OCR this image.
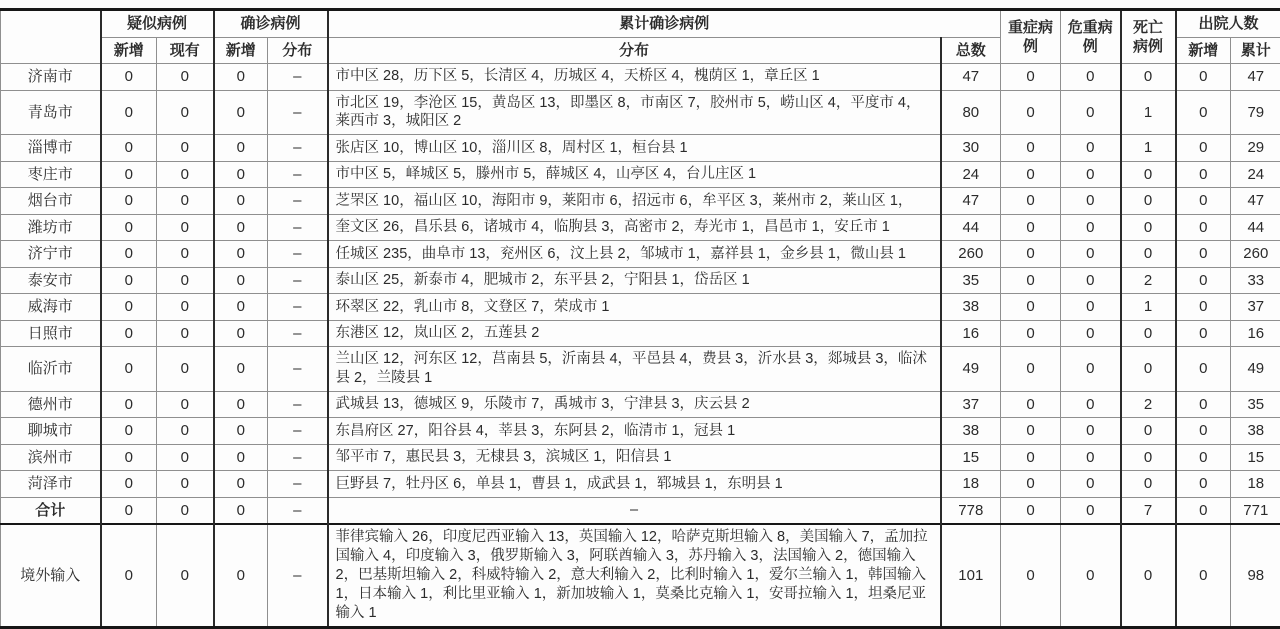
	疑似病例		确诊病例		累计确诊病例		重症病例	危重病例	死亡病例	出院人数	
	新增	现有	新增	分布	分布	总数				新增	累计
济南市	0	0	0	–	市中区 28，历下区 5，长清区 4，历城区 4，天桥区 4，槐荫区 1，章丘区 1	47	0	0	0	0	47
青岛市	0	0	0	–	市北区 19，李沧区 15，黄岛区 13，即墨区 8，市南区 7，胶州市 5，崂山区 4，平度市 4，莱西市 3，城阳区 2	80	0	0	1	0	79
淄博市	0	0	0	–	张店区 10，博山区 10，淄川区 8，周村区 1，桓台县 1	30	0	0	1	0	29
枣庄市	0	0	0	–	市中区 5，峄城区 5，滕州市 5，薛城区 4，山亭区 4，台儿庄区 1	24	0	0	0	0	24
烟台市	0	0	0	–	芝罘区 10，福山区 10，海阳市 9，莱阳市 6，招远市 6，牟平区 3，莱州市 2，莱山区 1，	47	0	0	0	0	47
潍坊市	0	0	0	–	奎文区 26，昌乐县 6，诸城市 4，临朐县 3，高密市 2，寿光市 1，昌邑市 1，安丘市 1	44	0	0	0	0	44
济宁市	0	0	0	–	任城区 235，曲阜市 13，兖州区 6，汶上县 2，邹城市 1，嘉祥县 1，金乡县 1，微山县 1	260	0	0	0	0	260
泰安市	0	0	0	–	泰山区 25，新泰市 4，肥城市 2，东平县 2，宁阳县 1，岱岳区 1	35	0	0	2	0	33
威海市	0	0	0	–	环翠区 22，乳山市 8，文登区 7，荣成市 1	38	0	0	1	0	37
日照市	0	0	0	–	东港区 12，岚山区 2，五莲县 2	16	0	0	0	0	16
临沂市	0	0	0	–	兰山区 12，河东区 12，莒南县 5，沂南县 4，平邑县 4，费县 3，沂水县 3，郯城县 3，临沭县 2，兰陵县 1	49	0	0	0	0	49
德州市	0	0	0	–	武城县 13，德城区 9，乐陵市 7，禹城市 3，宁津县 3，庆云县 2	37	0	0	2	0	35
聊城市	0	0	0	–	东昌府区 27，阳谷县 4，莘县 3，东阿县 2，临清市 1，冠县 1	38	0	0	0	0	38
滨州市	0	0	0	–	邹平市 7，惠民县 3，无棣县 3，滨城区 1，阳信县 1	15	0	0	0	0	15
菏泽市	0	0	0	–	巨野县 7，牡丹区 6，单县 1，曹县 1，成武县 1，郓城县 1，东明县 1	18	0	0	0	0	18
合计	0	0	0	–	–	778	0	0	7	0	771
境外输入	0	0	0	–	菲律宾输入 26，印度尼西亚输入 13，英国输入 12，哈萨克斯坦输入 8，美国输入 7，孟加拉国输入 4，印度输入 3，俄罗斯输入 3，阿联酋输入 3，苏丹输入 3，法国输入 2，德国输入 2，巴基斯坦输入 2，科威特输入 2，意大利输入 2，比利时输入 1，爱尔兰输入 1，韩国输入 1，日本输入 1，利比里亚输入 1，新加坡输入 1，莫桑比克输入 1，安哥拉输入 1，坦桑尼亚输入 1	101	0	0	0	0	98
